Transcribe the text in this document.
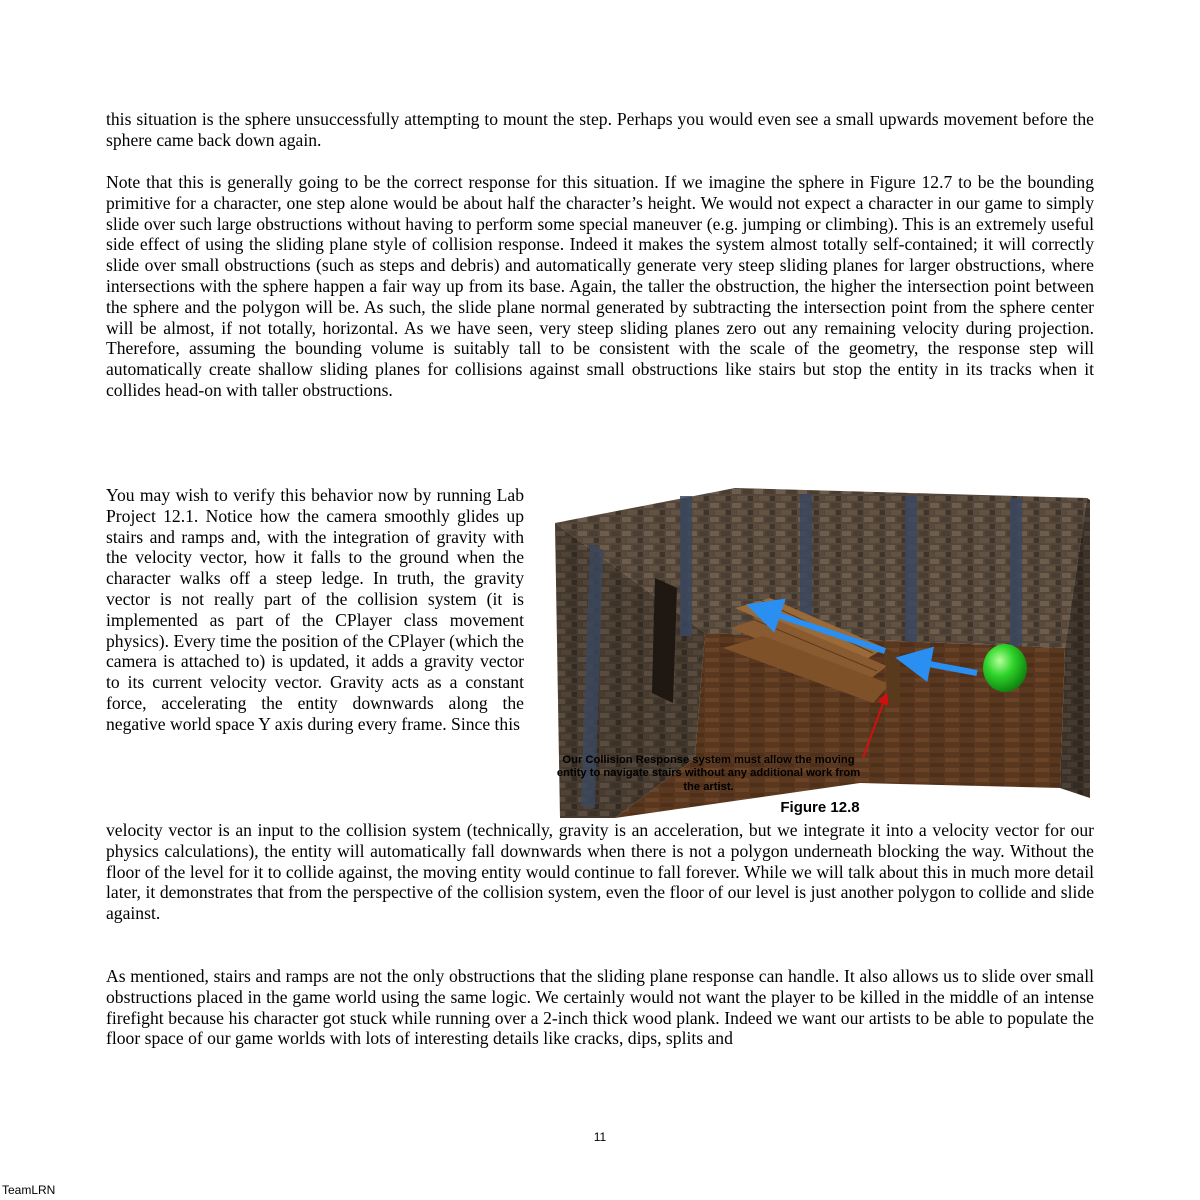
this situation is the sphere unsuccessfully attempting to mount the step. Perhaps you would even see a small upwards movement before the sphere came back down again.

Note that this is generally going to be the correct response for this situation. If we imagine the sphere in Figure 12.7 to be the bounding primitive for a character, one step alone would be about half the character’s height. We would not expect a character in our game to simply slide over such large obstructions without having to perform some special maneuver (e.g. jumping or climbing). This is an extremely useful side effect of using the sliding plane style of collision response. Indeed it makes the system almost totally self-contained; it will correctly slide over small obstructions (such as steps and debris) and automatically generate very steep sliding planes for larger obstructions, where intersections with the sphere happen a fair way up from its base. Again, the taller the obstruction, the higher the intersection point between the sphere and the polygon will be. As such, the slide plane normal generated by subtracting the intersection point from the sphere center will be almost, if not totally, horizontal. As we have seen, very steep sliding planes zero out any remaining velocity during projection. Therefore, assuming the bounding volume is suitably tall to be consistent with the scale of the geometry, the response step will automatically create shallow sliding planes for collisions against small obstructions like stairs but stop the entity in its tracks when it collides head-on with taller obstructions.

You may wish to verify this behavior now by running Lab Project 12.1. Notice how the camera smoothly glides up stairs and ramps and, with the integration of gravity with the velocity vector, how it falls to the ground when the character walks off a steep ledge. In truth, the gravity vector is not really part of the collision system (it is implemented as part of the CPlayer class movement physics). Every time the position of the CPlayer (which the camera is attached to) is updated, it adds a gravity vector to its current velocity vector. Gravity acts as a constant force, accelerating the entity downwards along the negative world space Y axis during every frame. Since this

Our Collision Response system must allow the moving entity to navigate stairs without any additional work from the artist.
Figure 12.8

velocity vector is an input to the collision system (technically, gravity is an acceleration, but we integrate it into a velocity vector for our physics calculations), the entity will automatically fall downwards when there is not a polygon underneath blocking the way. Without the floor of the level for it to collide against, the moving entity would continue to fall forever. While we will talk about this in much more detail later, it demonstrates that from the perspective of the collision system, even the floor of our level is just another polygon to collide and slide against.

As mentioned, stairs and ramps are not the only obstructions that the sliding plane response can handle. It also allows us to slide over small obstructions placed in the game world using the same logic. We certainly would not want the player to be killed in the middle of an intense firefight because his character got stuck while running over a 2-inch thick wood plank. Indeed we want our artists to be able to populate the floor space of our game worlds with lots of interesting details like cracks, dips, splits and

11
TeamLRN
